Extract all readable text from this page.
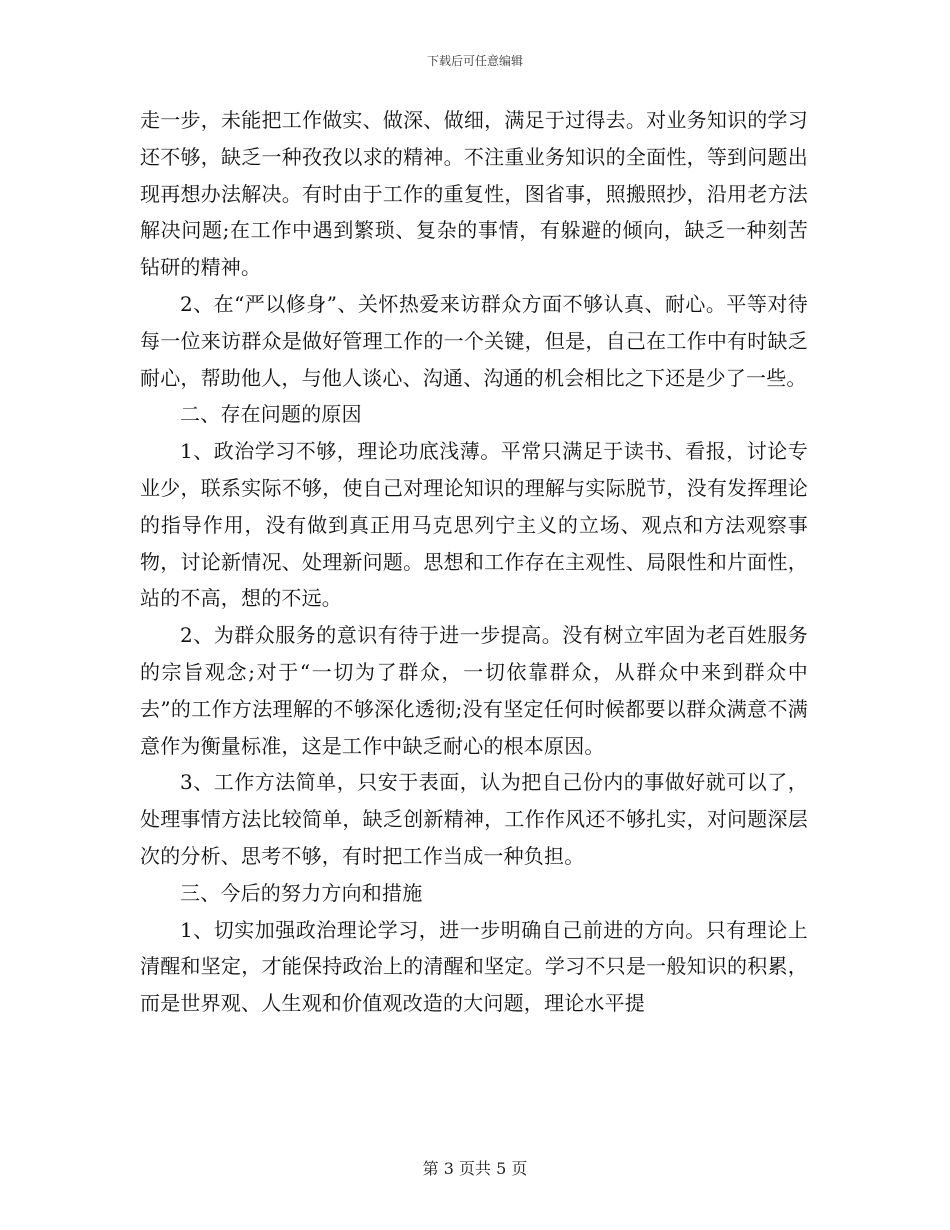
下载后可任意编辑

走一步，未能把工作做实、做深、做细，满足于过得去。对业务知识的学习还不够，缺乏一种孜孜以求的精神。不注重业务知识的全面性，等到问题出现再想办法解决。有时由于工作的重复性，图省事，照搬照抄，沿用老方法解决问题;在工作中遇到繁琐、复杂的事情，有躲避的倾向，缺乏一种刻苦钻研的精神。

2、在“严以修身”、关怀热爱来访群众方面不够认真、耐心。平等对待每一位来访群众是做好管理工作的一个关键，但是，自己在工作中有时缺乏耐心，帮助他人，与他人谈心、沟通、沟通的机会相比之下还是少了一些。

二、存在问题的原因

1、政治学习不够，理论功底浅薄。平常只满足于读书、看报，讨论专业少，联系实际不够，使自己对理论知识的理解与实际脱节，没有发挥理论的指导作用，没有做到真正用马克思列宁主义的立场、观点和方法观察事物，讨论新情况、处理新问题。思想和工作存在主观性、局限性和片面性，站的不高，想的不远。

2、为群众服务的意识有待于进一步提高。没有树立牢固为老百姓服务的宗旨观念;对于“一切为了群众，一切依靠群众，从群众中来到群众中去”的工作方法理解的不够深化透彻;没有坚定任何时候都要以群众满意不满意作为衡量标准，这是工作中缺乏耐心的根本原因。

3、工作方法简单，只安于表面，认为把自己份内的事做好就可以了，处理事情方法比较简单，缺乏创新精神，工作作风还不够扎实，对问题深层次的分析、思考不够，有时把工作当成一种负担。

三、今后的努力方向和措施

1、切实加强政治理论学习，进一步明确自己前进的方向。只有理论上清醒和坚定，才能保持政治上的清醒和坚定。学习不只是一般知识的积累，而是世界观、人生观和价值观改造的大问题，理论水平提

第 3 页共 5 页
